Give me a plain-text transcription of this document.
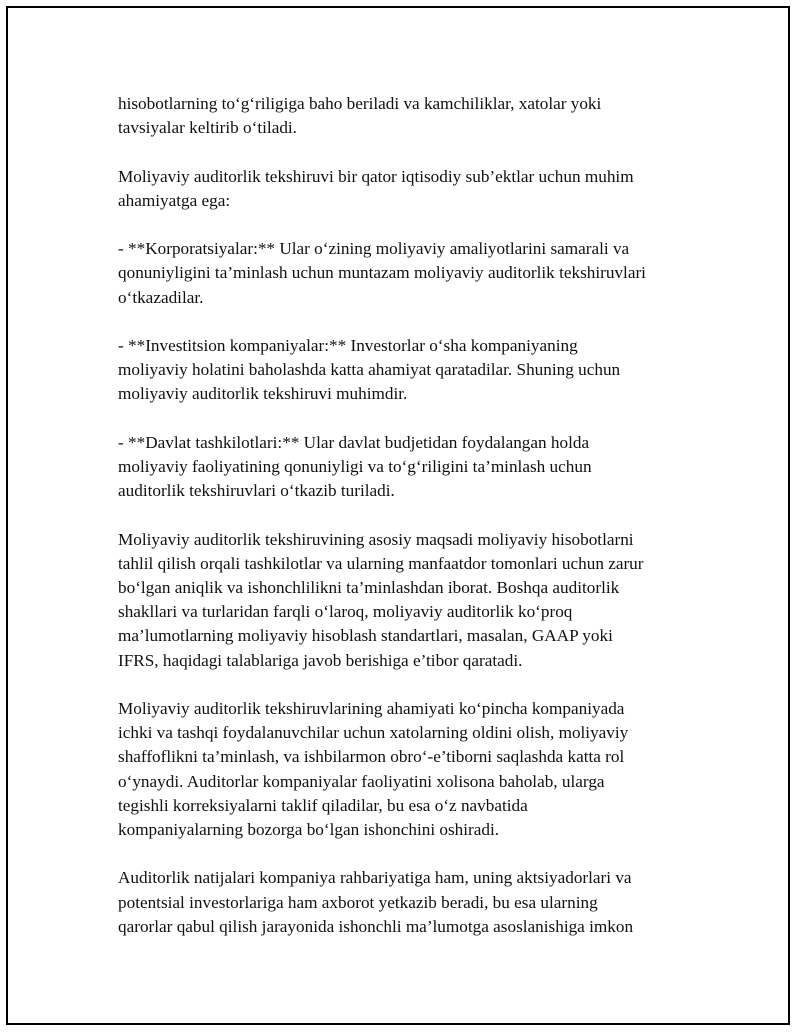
hisobotlarning to‘g‘riligiga baho beriladi va kamchiliklar, xatolar yoki
tavsiyalar keltirib o‘tiladi.

Moliyaviy auditorlik tekshiruvi bir qator iqtisodiy sub’ektlar uchun muhim
ahamiyatga ega:

- **Korporatsiyalar:** Ular o‘zining moliyaviy amaliyotlarini samarali va
qonuniyligini ta’minlash uchun muntazam moliyaviy auditorlik tekshiruvlari
o‘tkazadilar.

- **Investitsion kompaniyalar:** Investorlar o‘sha kompaniyaning
moliyaviy holatini baholashda katta ahamiyat qaratadilar. Shuning uchun
moliyaviy auditorlik tekshiruvi muhimdir.

- **Davlat tashkilotlari:** Ular davlat budjetidan foydalangan holda
moliyaviy faoliyatining qonuniyligi va to‘g‘riligini ta’minlash uchun
auditorlik tekshiruvlari o‘tkazib turiladi.

Moliyaviy auditorlik tekshiruvining asosiy maqsadi moliyaviy hisobotlarni
tahlil qilish orqali tashkilotlar va ularning manfaatdor tomonlari uchun zarur
bo‘lgan aniqlik va ishonchlilikni ta’minlashdan iborat. Boshqa auditorlik
shakllari va turlaridan farqli o‘laroq, moliyaviy auditorlik ko‘proq
ma’lumotlarning moliyaviy hisoblash standartlari, masalan, GAAP yoki
IFRS, haqidagi talablariga javob berishiga e’tibor qaratadi.

Moliyaviy auditorlik tekshiruvlarining ahamiyati ko‘pincha kompaniyada
ichki va tashqi foydalanuvchilar uchun xatolarning oldini olish, moliyaviy
shaffoflikni ta’minlash, va ishbilarmon obro‘-e’tiborni saqlashda katta rol
o‘ynaydi. Auditorlar kompaniyalar faoliyatini xolisona baholab, ularga
tegishli korreksiyalarni taklif qiladilar, bu esa o‘z navbatida
kompaniyalarning bozorga bo‘lgan ishonchini oshiradi.

Auditorlik natijalari kompaniya rahbariyatiga ham, uning aktsiyadorlari va
potentsial investorlariga ham axborot yetkazib beradi, bu esa ularning
qarorlar qabul qilish jarayonida ishonchli ma’lumotga asoslanishiga imkon
